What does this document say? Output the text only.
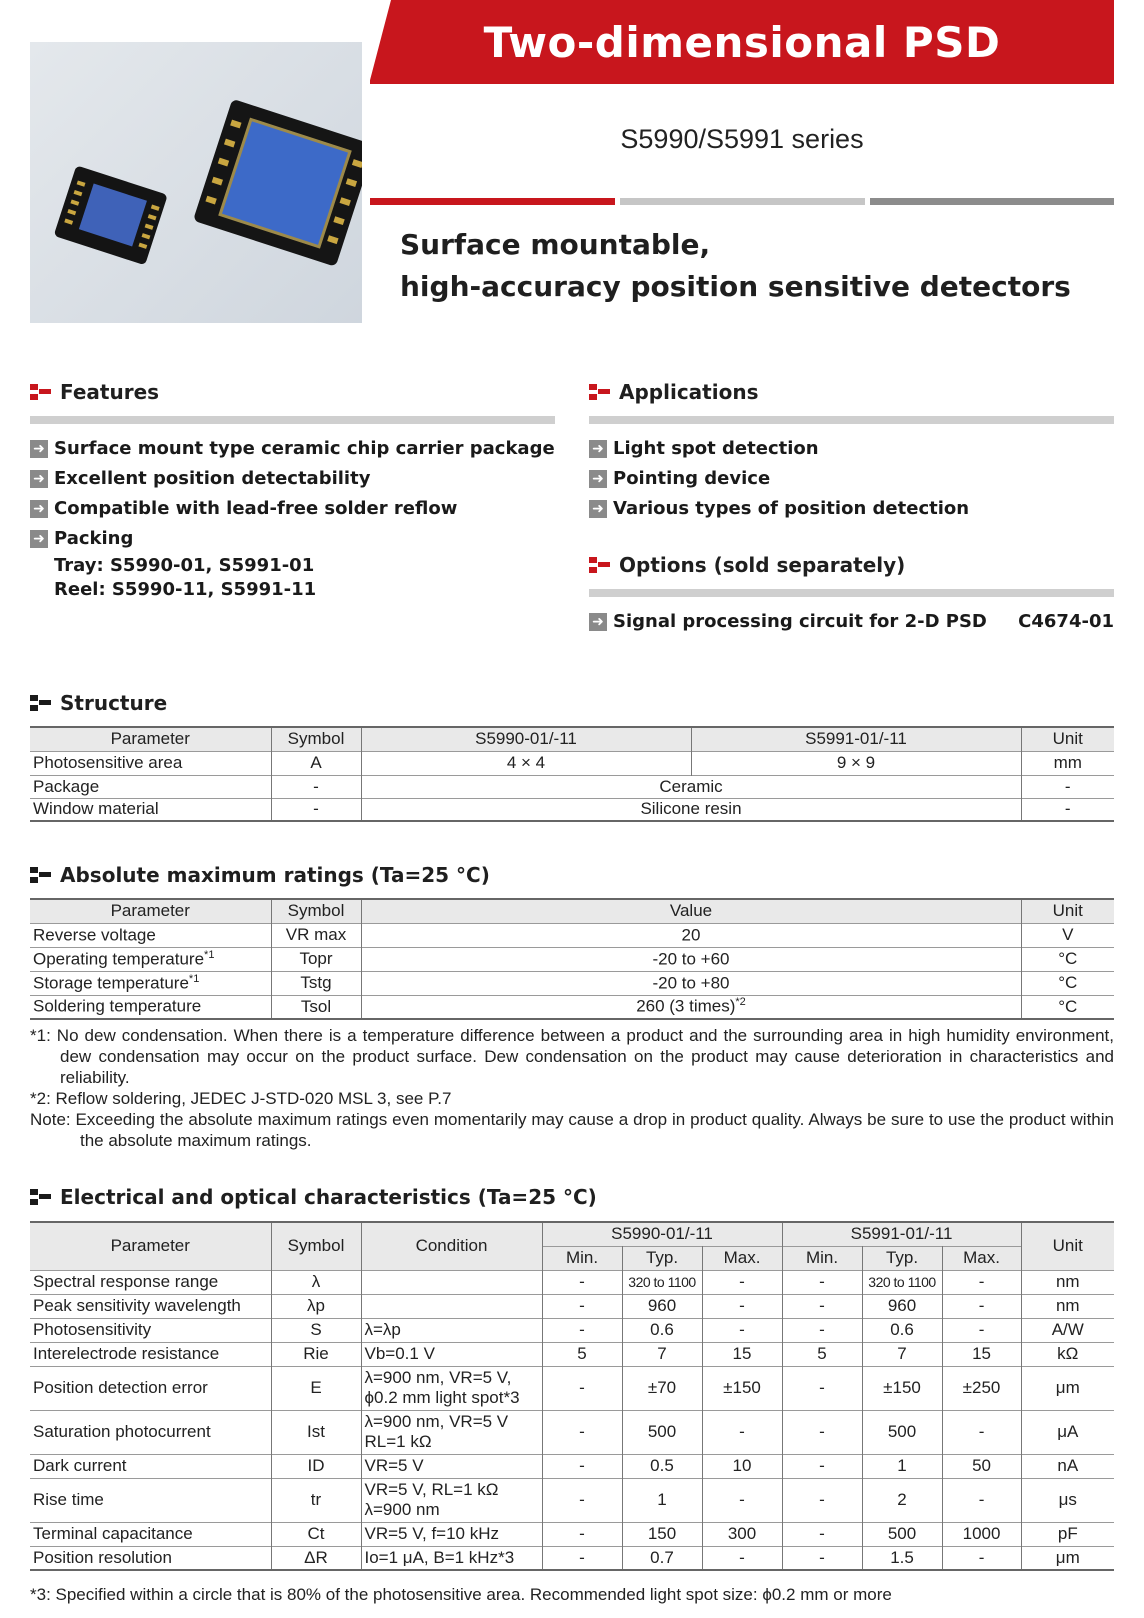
Two-dimensional PSD
S5990/S5991 series
Surface mountable,
high-accuracy position sensitive detectors
Features
➜ Surface mount type ceramic chip carrier package
➜ Excellent position detectability
➜ Compatible with lead-free solder reflow
➜ Packing
Tray: S5990-01, S5991-01
Reel: S5990-11, S5991-11
Applications
➜ Light spot detection
➜ Pointing device
➜ Various types of position detection
Options (sold separately)
➜ Signal processing circuit for 2-D PSD C4674-01
Structure
Parameter	Symbol	S5990-01/-11	S5991-01/-11	Unit
Photosensitive area	A	4 × 4	9 × 9	mm
Package	-	Ceramic		-
Window material	-	Silicone resin		-
Absolute maximum ratings (Ta=25 °C)
Parameter	Symbol	Value	Unit
Reverse voltage	VR max	20	V
Operating temperature$^{*1}$	Topr	-20 to +60	°C
Storage temperature$^{*1}$	Tstg	-20 to +80	°C
Soldering temperature	Tsol	260 (3 times)$^{*2}$	°C
*1: No dew condensation. When there is a temperature difference between a product and the surrounding area in high humidity environment, dew condensation may occur on the product surface. Dew condensation on the product may cause deterioration in characteristics and reliability.
*2: Reflow soldering, JEDEC J-STD-020 MSL 3, see P.7
Note: Exceeding the absolute maximum ratings even momentarily may cause a drop in product quality. Always be sure to use the product within the absolute maximum ratings.
Electrical and optical characteristics (Ta=25 °C)
Parameter	Symbol	Condition	S5990-01/-11			S5991-01/-11			Unit
			Min.	Typ.	Max.	Min.	Typ.	Max.	
Spectral response range	λ		-	320 to 1100	-	-	320 to 1100	-	nm
Peak sensitivity wavelength	λp		-	960	-	-	960	-	nm
Photosensitivity	S	λ=λp	-	0.6	-	-	0.6	-	A/W
Interelectrode resistance	Rie	Vb=0.1 V	5	7	15	5	7	15	kΩ
Position detection error	E	λ=900 nm, VR=5 V,
ϕ0.2 mm light spot*3	-	±70	±150	-	±150	±250	μm
Saturation photocurrent	Ist	λ=900 nm, VR=5 V
RL=1 kΩ	-	500	-	-	500	-	μA
Dark current	ID	VR=5 V	-	0.5	10	-	1	50	nA
Rise time	tr	VR=5 V, RL=1 kΩ
λ=900 nm	-	1	-	-	2	-	μs
Terminal capacitance	Ct	VR=5 V, f=10 kHz	-	150	300	-	500	1000	pF
Position resolution	ΔR	Io=1 μA, B=1 kHz*3	-	0.7	-	-	1.5	-	μm
*3: Specified within a circle that is 80% of the photosensitive area. Recommended light spot size: ϕ0.2 mm or more
